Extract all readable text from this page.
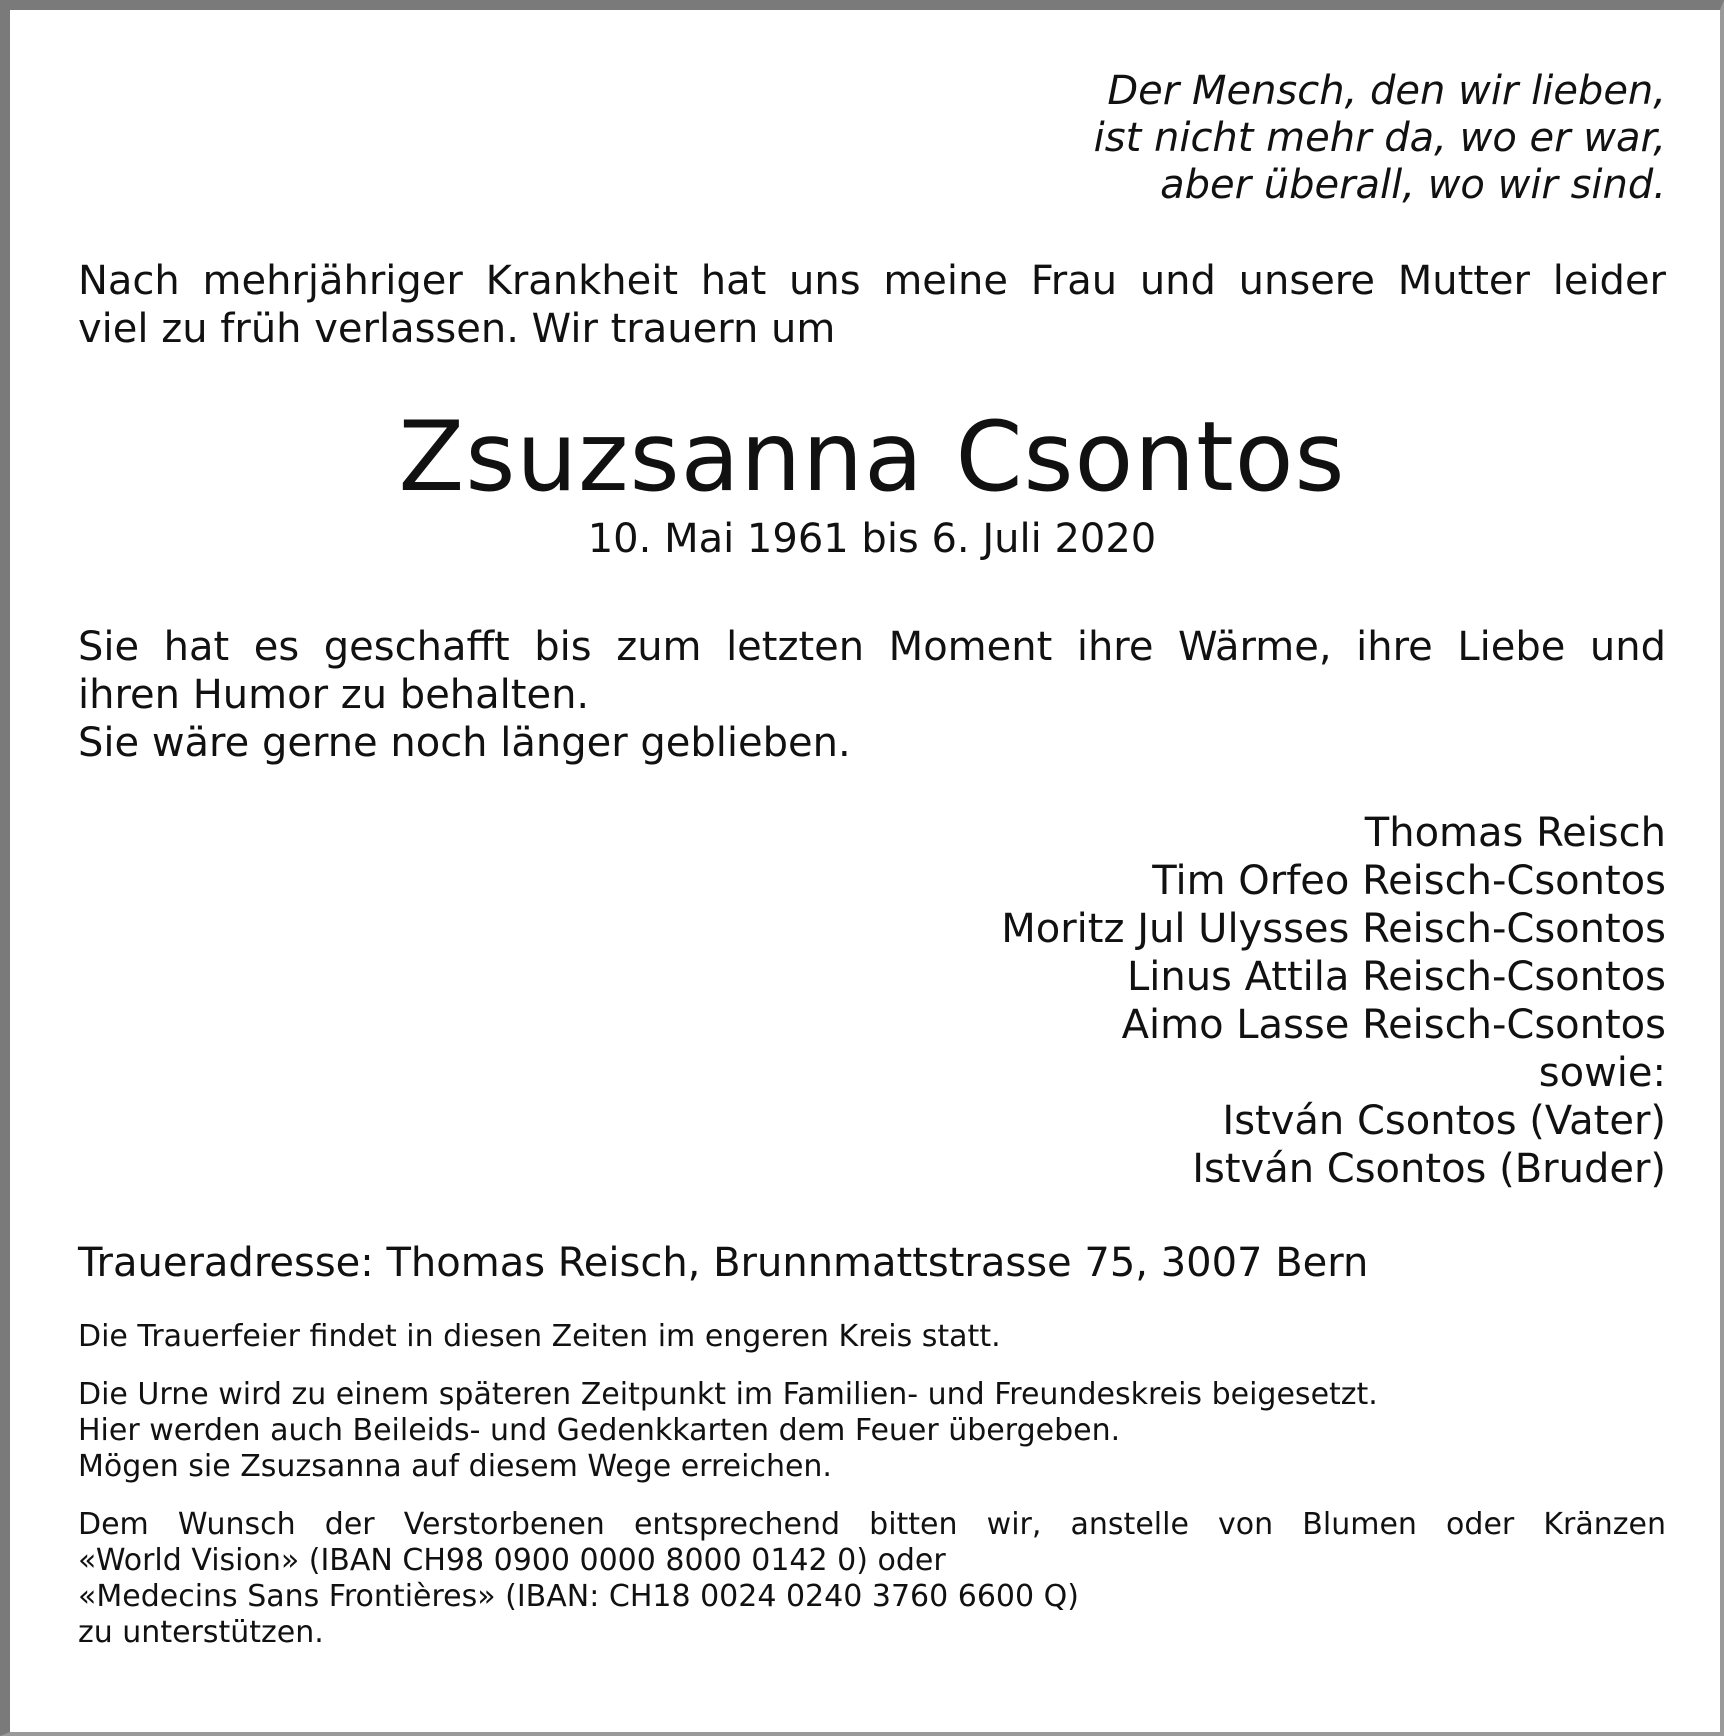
Der Mensch, den wir lieben,
ist nicht mehr da, wo er war,
aber überall, wo wir sind.
Nach mehrjähriger Krankheit hat uns meine Frau und unsere Mutter leider
viel zu früh verlassen. Wir trauern um
Zsuzsanna Csontos
10. Mai 1961 bis 6. Juli 2020
Sie hat es geschafft bis zum letzten Moment ihre Wärme, ihre Liebe und
ihren Humor zu behalten.
Sie wäre gerne noch länger geblieben.
Thomas Reisch
Tim Orfeo Reisch-Csontos
Moritz Jul Ulysses Reisch-Csontos
Linus Attila Reisch-Csontos
Aimo Lasse Reisch-Csontos
sowie:
István Csontos (Vater)
István Csontos (Bruder)
Traueradresse: Thomas Reisch, Brunnmattstrasse 75, 3007 Bern
Die Trauerfeier findet in diesen Zeiten im engeren Kreis statt.
Die Urne wird zu einem späteren Zeitpunkt im Familien- und Freundeskreis beigesetzt.
Hier werden auch Beileids- und Gedenkkarten dem Feuer übergeben.
Mögen sie Zsuzsanna auf diesem Wege erreichen.
Dem Wunsch der Verstorbenen entsprechend bitten wir, anstelle von Blumen oder Kränzen
«World Vision» (IBAN CH98 0900 0000 8000 0142 0) oder
«Medecins Sans Frontières» (IBAN: CH18 0024 0240 3760 6600 Q)
zu unterstützen.
